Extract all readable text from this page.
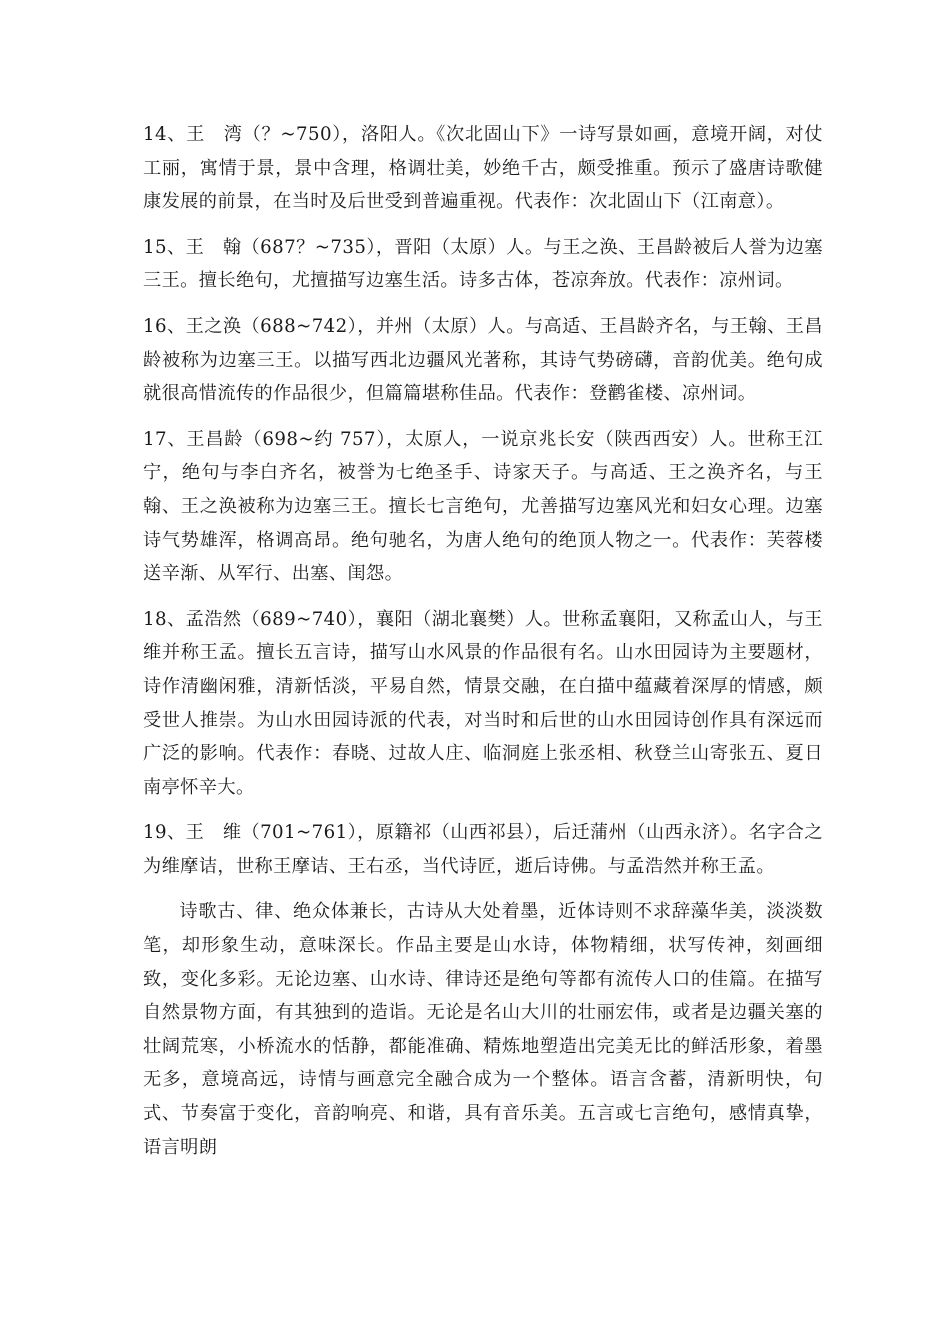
14、王　湾（？~750），洛阳人。《次北固山下》一诗写景如画，意境开阔，对仗工丽，寓情于景，景中含理，格调壮美，妙绝千古，颇受推重。预示了盛唐诗歌健康发展的前景，在当时及后世受到普遍重视。代表作：次北固山下（江南意）。

15、王　翰（687？~735），晋阳（太原）人。与王之涣、王昌龄被后人誉为边塞三王。擅长绝句，尤擅描写边塞生活。诗多古体，苍凉奔放。代表作：凉州词。

16、王之涣（688~742），并州（太原）人。与高适、王昌龄齐名，与王翰、王昌龄被称为边塞三王。以描写西北边疆风光著称，其诗气势磅礴，音韵优美。绝句成就很高惜流传的作品很少，但篇篇堪称佳品。代表作：登鹳雀楼、凉州词。

17、王昌龄（698~约 757），太原人，一说京兆长安（陕西西安）人。世称王江宁，绝句与李白齐名，被誉为七绝圣手、诗家天子。与高适、王之涣齐名，与王翰、王之涣被称为边塞三王。擅长七言绝句，尤善描写边塞风光和妇女心理。边塞诗气势雄浑，格调高昂。绝句驰名，为唐人绝句的绝顶人物之一。代表作：芙蓉楼送辛渐、从军行、出塞、闺怨。

18、孟浩然（689~740），襄阳（湖北襄樊）人。世称孟襄阳，又称孟山人，与王维并称王孟。擅长五言诗，描写山水风景的作品很有名。山水田园诗为主要题材，诗作清幽闲雅，清新恬淡，平易自然，情景交融，在白描中蕴藏着深厚的情感，颇受世人推崇。为山水田园诗派的代表，对当时和后世的山水田园诗创作具有深远而广泛的影响。代表作：春晓、过故人庄、临洞庭上张丞相、秋登兰山寄张五、夏日南亭怀辛大。

19、王　维（701~761），原籍祁（山西祁县），后迁蒲州（山西永济）。名字合之为维摩诘，世称王摩诘、王右丞，当代诗匠，逝后诗佛。与孟浩然并称王孟。

诗歌古、律、绝众体兼长，古诗从大处着墨，近体诗则不求辞藻华美，淡淡数笔，却形象生动，意味深长。作品主要是山水诗，体物精细，状写传神，刻画细致，变化多彩。无论边塞、山水诗、律诗还是绝句等都有流传人口的佳篇。在描写自然景物方面，有其独到的造诣。无论是名山大川的壮丽宏伟，或者是边疆关塞的壮阔荒寒，小桥流水的恬静，都能准确、精炼地塑造出完美无比的鲜活形象，着墨无多，意境高远，诗情与画意完全融合成为一个整体。语言含蓄，清新明快，句式、节奏富于变化，音韵响亮、和谐，具有音乐美。五言或七言绝句，感情真挚，语言明朗
